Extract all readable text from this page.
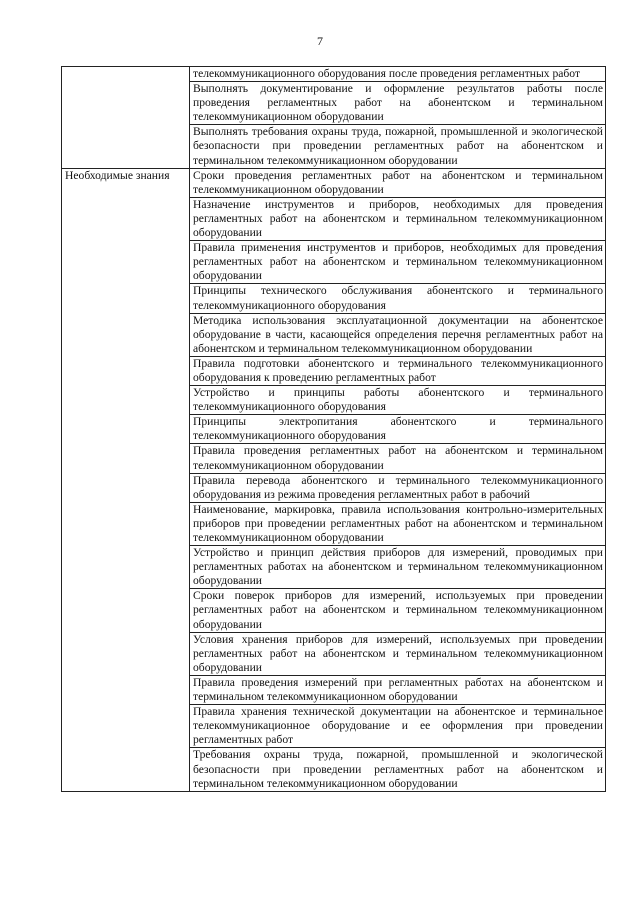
7
	телекоммуникационного оборудования после проведения регламентных работ
	Выполнять документирование и оформление результатов работы после проведения регламентных работ на абонентском и терминальном телекоммуникационном оборудовании
	Выполнять требования охраны труда, пожарной, промышленной и экологической безопасности при проведении регламентных работ на абонентском и терминальном телекоммуникационном оборудовании
Необходимые знания	Сроки проведения регламентных работ на абонентском и терминальном телекоммуникационном оборудовании
	Назначение инструментов и приборов, необходимых для проведения регламентных работ на абонентском и терминальном телекоммуникационном оборудовании
	Правила применения инструментов и приборов, необходимых для проведения регламентных работ на абонентском и терминальном телекоммуникационном оборудовании
	Принципы технического обслуживания абонентского и терминального телекоммуникационного оборудования
	Методика использования эксплуатационной документации на абонентское оборудование в части, касающейся определения перечня регламентных работ на абонентском и терминальном телекоммуникационном оборудовании
	Правила подготовки абонентского и терминального телекоммуникационного оборудования к проведению регламентных работ
	Устройство и принципы работы абонентского и терминального телекоммуникационного оборудования
	Принципы электропитания абонентского и терминального телекоммуникационного оборудования
	Правила проведения регламентных работ на абонентском и терминальном телекоммуникационном оборудовании
	Правила перевода абонентского и терминального телекоммуникационного оборудования из режима проведения регламентных работ в рабочий
	Наименование, маркировка, правила использования контрольно-измерительных приборов при проведении регламентных работ на абонентском и терминальном телекоммуникационном оборудовании
	Устройство и принцип действия приборов для измерений, проводимых при регламентных работах на абонентском и терминальном телекоммуникационном оборудовании
	Сроки поверок приборов для измерений, используемых при проведении регламентных работ на абонентском и терминальном телекоммуникационном оборудовании
	Условия хранения приборов для измерений, используемых при проведении регламентных работ на абонентском и терминальном телекоммуникационном оборудовании
	Правила проведения измерений при регламентных работах на абонентском и терминальном телекоммуникационном оборудовании
	Правила хранения технической документации на абонентское и терминальное телекоммуникационное оборудование и ее оформления при проведении регламентных работ
	Требования охраны труда, пожарной, промышленной и экологической безопасности при проведении регламентных работ на абонентском и терминальном телекоммуникационном оборудовании
